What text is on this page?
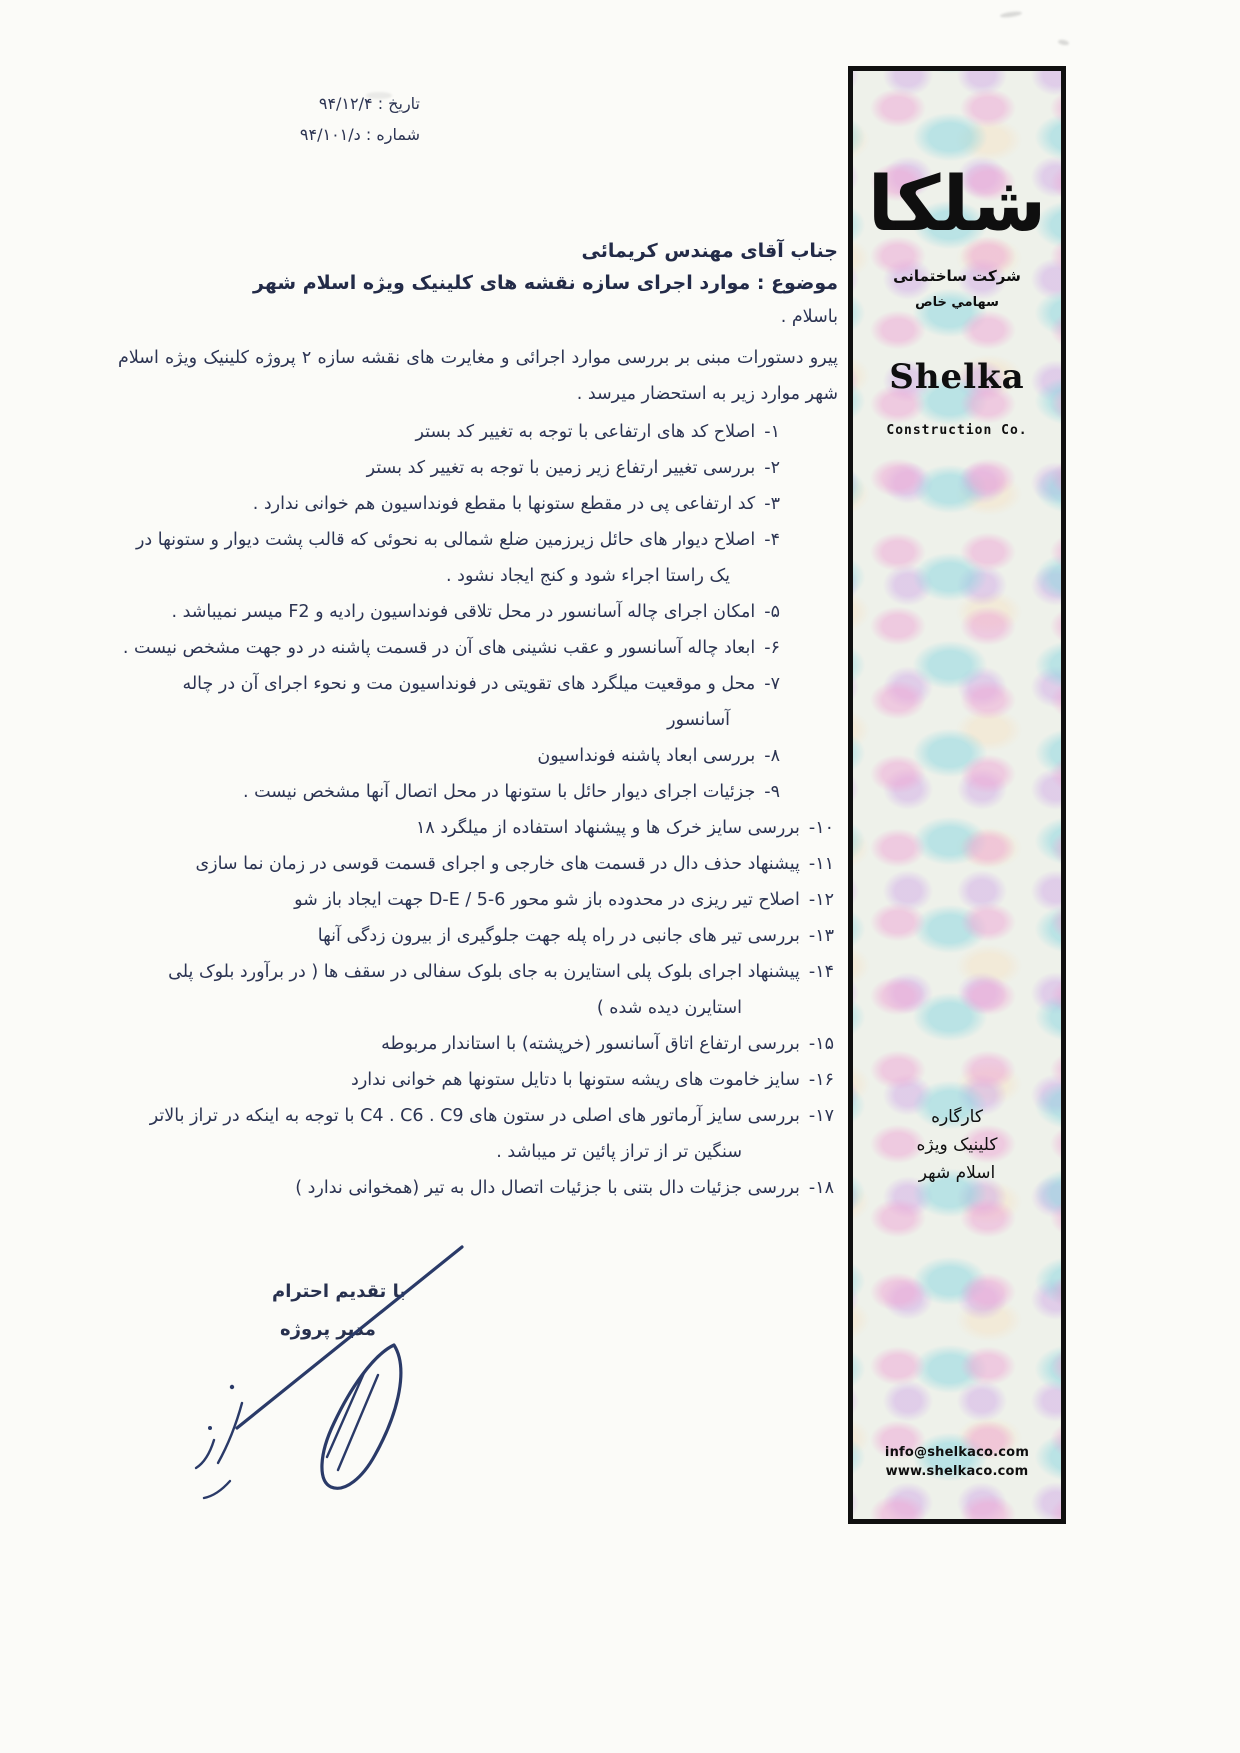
تاریخ : ۹۴/۱۲/۴
شماره : ۹۴/د/۱۰۱
جناب آقای مهندس کریمائی
موضوع : موارد اجرای سازه نقشه های کلینیک ویژه اسلام شهر
باسلام .

پیرو دستورات مبنی بر بررسی موارد اجرائی و مغایرت های نقشه سازه ۲ پروژه کلینیک ویژه اسلام شهر موارد زیر به استحضار میرسد .

۱-اصلاح کد های ارتفاعی با توجه به تغییر کد بستر
۲-بررسی تغییر ارتفاع زیر زمین با توجه به تغییر کد بستر
۳-کد ارتفاعی پی در مقطع ستونها با مقطع فونداسیون هم خوانی ندارد .
۴-اصلاح دیوار های حائل زیرزمین ضلع شمالی به نحوئی که قالب پشت دیوار و ستونها در یک راستا اجراء شود و کنج ایجاد نشود .
۵-امکان اجرای چاله آسانسور در محل تلاقی فونداسیون رادیه و F2 میسر نمیباشد .
۶-ابعاد چاله آسانسور و عقب نشینی های آن در قسمت پاشنه در دو جهت مشخص نیست .
۷-محل و موقعیت میلگرد های تقویتی در فونداسیون مت و نحوء اجرای آن در چاله آسانسور
۸-بررسی ابعاد پاشنه فونداسیون
۹-جزئیات اجرای دیوار حائل با ستونها در محل اتصال آنها مشخص نیست .
۱۰-بررسی سایز خرک ها و پیشنهاد استفاده از میلگرد ۱۸
۱۱-پیشنهاد حذف دال در قسمت های خارجی و اجرای قسمت قوسی در زمان نما سازی
۱۲-اصلاح تیر ریزی در محدوده باز شو محور D-E / 5-6 جهت ایجاد باز شو
۱۳-بررسی تیر های جانبی در راه پله جهت جلوگیری از بیرون زدگی آنها
۱۴-پیشنهاد اجرای بلوک پلی استایرن به جای بلوک سفالی در سقف ها ( در برآورد بلوک پلی استایرن دیده شده )
۱۵-بررسی ارتفاع اتاق آسانسور (خرپشته) با استاندار مربوطه
۱۶-سایز خاموت های ریشه ستونها با دتایل ستونها هم خوانی ندارد
۱۷-بررسی سایز آرماتور های اصلی در ستون های C4 . C6 . C9 با توجه به اینکه در تراز بالاتر سنگین تر از تراز پائین تر میباشد .
۱۸-بررسی جزئیات دال بتنی با جزئیات اتصال دال به تیر (همخوانی ندارد )
با تقدیم احترام
مدیر پروژه
شلکا
شرکت ساختمانی
سهامي خاص
Shelka
Construction Co.
کارگاره
کلینیک ویژه
اسلام شهر
info@shelkaco.com
www.shelkaco.com
